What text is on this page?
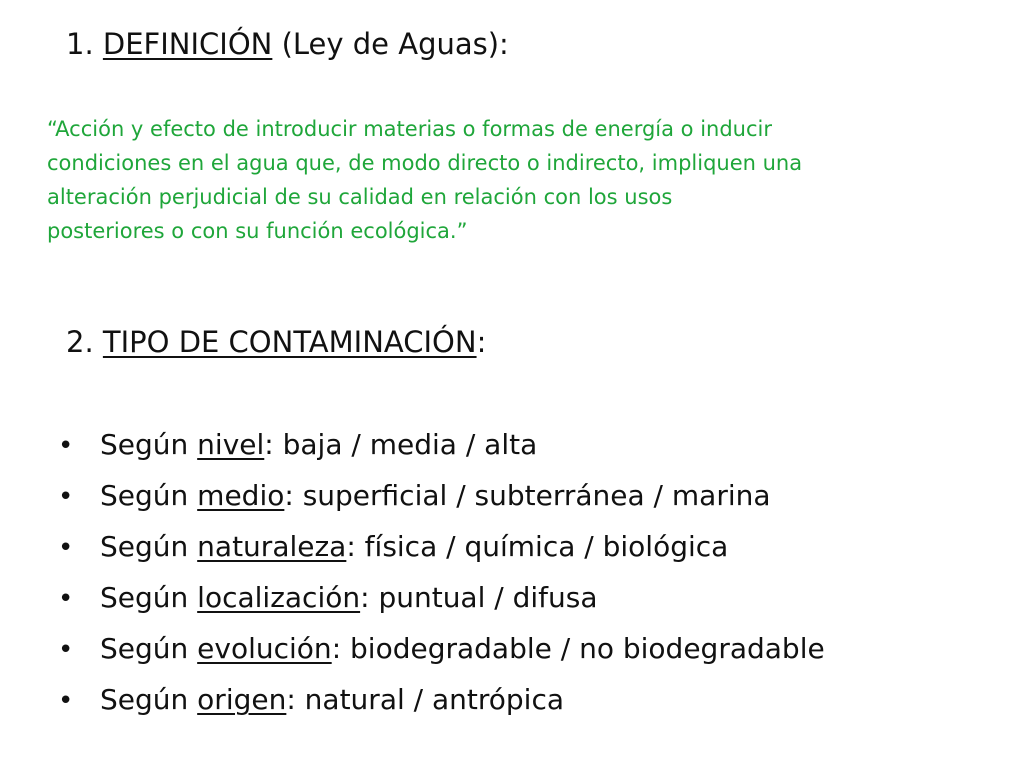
1. DEFINICIÓN (Ley de Aguas):
“Acción y efecto de introducir materias o formas de energía o inducir
condiciones en el agua que, de modo directo o indirecto, impliquen una
alteración perjudicial de su calidad en relación con los usos
posteriores o con su función ecológica.”
2. TIPO DE CONTAMINACIÓN:
• Según
nivel : baja / media / alta
• Según
medio : superficial / subterránea / marina
• Según
naturaleza : física / química / biológica
• Según
localización : puntual / difusa
• Según
evolución : biodegradable / no biodegradable
• Según
origen : natural / antrópica
